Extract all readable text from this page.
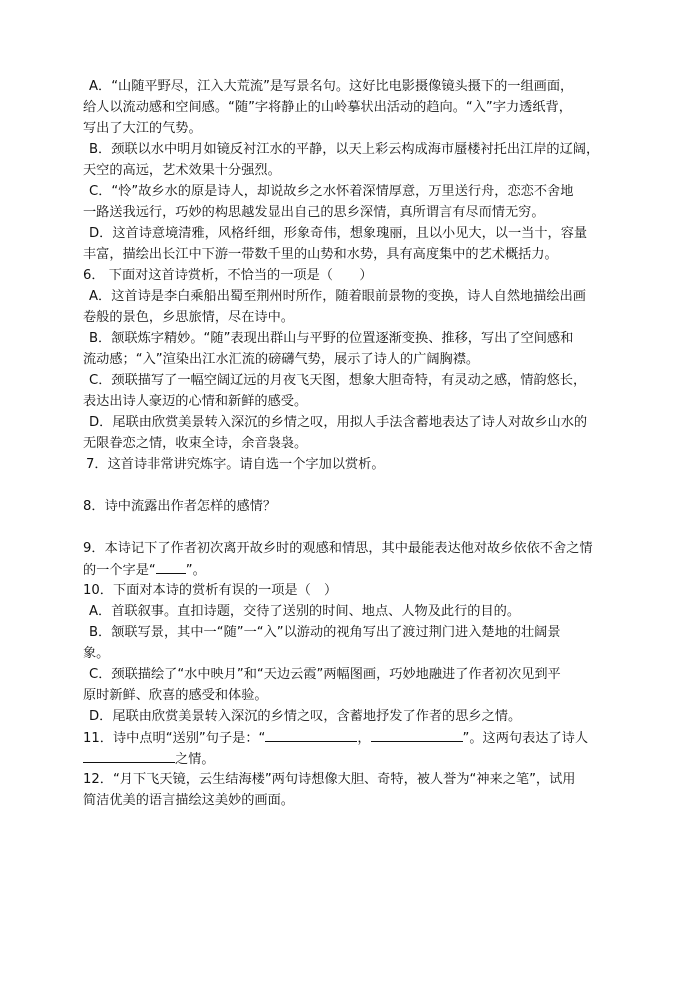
A．“山随平野尽，江入大荒流”是写景名句。这好比电影摄像镜头摄下的一组画面，
给人以流动感和空间感。“随”字将静止的山岭摹状出活动的趋向。“入”字力透纸背，
写出了大江的气势。
B．颈联以水中明月如镜反衬江水的平静，以天上彩云构成海市蜃楼衬托出江岸的辽阔，
天空的高远，艺术效果十分强烈。
C．“怜”故乡水的原是诗人，却说故乡之水怀着深情厚意，万里送行舟，恋恋不舍地
一路送我远行，巧妙的构思越发显出自己的思乡深情，真所谓言有尽而情无穷。
D．这首诗意境清雅，风格纤细，形象奇伟，想象瑰丽，且以小见大，以一当十，容量
丰富，描绘出长江中下游一带数千里的山势和水势，具有高度集中的艺术概括力。
6． 下面对这首诗赏析，不恰当的一项是（　　）
A．这首诗是李白乘船出蜀至荆州时所作，随着眼前景物的变换，诗人自然地描绘出画
卷般的景色，乡思旅情，尽在诗中。
B．颔联炼字精妙。“随”表现出群山与平野的位置逐渐变换、推移，写出了空间感和
流动感；“入”渲染出江水汇流的磅礴气势，展示了诗人的广阔胸襟。
C．颈联描写了一幅空阔辽远的月夜飞天图，想象大胆奇特，有灵动之感，情韵悠长，
表达出诗人豪迈的心情和新鲜的感受。
D．尾联由欣赏美景转入深沉的乡情之叹，用拟人手法含蓄地表达了诗人对故乡山水的
无限眷恋之情，收束全诗，余音袅袅。
7．这首诗非常讲究炼字。请自选一个字加以赏析。
8．诗中流露出作者怎样的感情？
9．本诗记下了作者初次离开故乡时的观感和情思，其中最能表达他对故乡依依不舍之情
的一个字是“ ”。
10．下面对本诗的赏析有误的一项是（　）
A．首联叙事。直扣诗题，交待了送别的时间、地点、人物及此行的目的。
B．颔联写景，其中一“随”一“入”以游动的视角写出了渡过荆门进入楚地的壮阔景
象。
C．颈联描绘了“水中映月”和“天边云霞”两幅图画，巧妙地融进了作者初次见到平
原时新鲜、欣喜的感受和体验。
D．尾联由欣赏美景转入深沉的乡情之叹，含蓄地抒发了作者的思乡之情。
11．诗中点明“送别”句子是：“	，	”。这两句表达了诗人
之情。
12．“月下飞天镜，云生结海楼”两句诗想像大胆、奇特，被人誉为“神来之笔”，试用
简洁优美的语言描绘这美妙的画面。
